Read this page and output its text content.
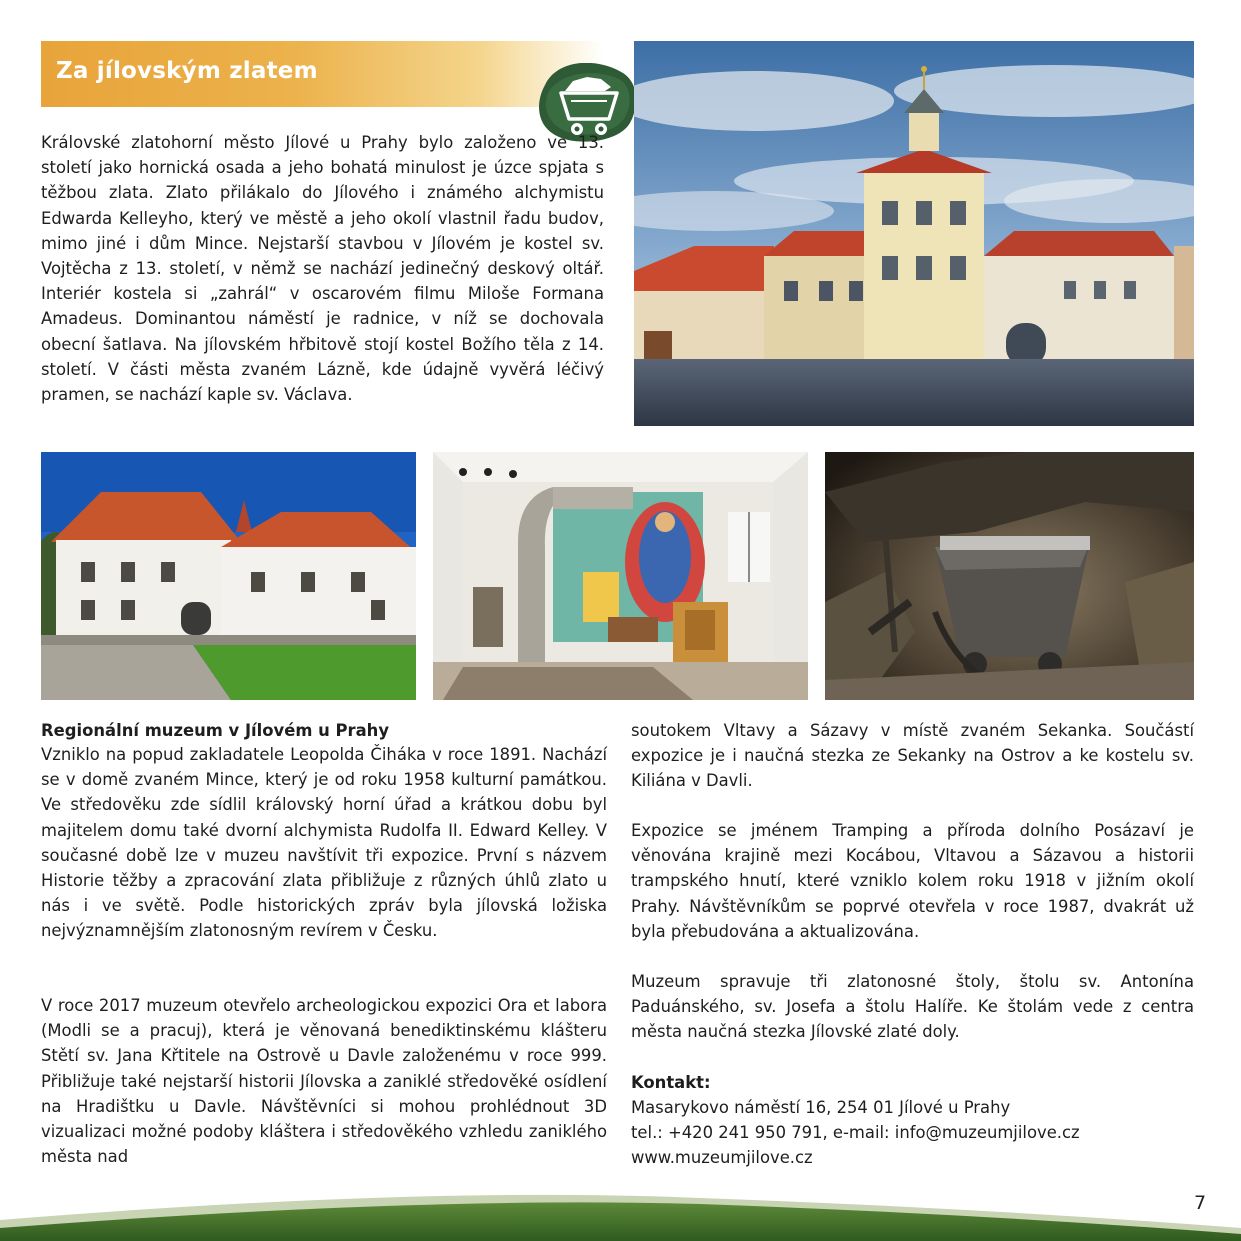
Za jílovským zlatem

Královské zlatohorní město Jílové u Prahy bylo založeno ve 13. století jako hornická osada a jeho bohatá minulost je úzce spjata s těžbou zlata. Zlato přilákalo do Jílového i známého alchymistu Edwarda Kelleyho, který ve městě a jeho okolí vlastnil řadu budov, mimo jiné i dům Mince. Nejstarší stavbou v Jílovém je kostel sv. Vojtěcha z 13. století, v němž se nachází jedinečný deskový oltář. Interiér kostela si „zahrál“ v oscarovém filmu Miloše Formana Amadeus. Dominantou náměstí je radnice, v níž se dochovala obecní šatlava. Na jílovském hřbitově stojí kostel Božího těla z 14. století. V části města zvaném Lázně, kde údajně vyvěrá léčivý pramen, se nachází kaple sv. Václava.

Regionální muzeum v Jílovém u Prahy

Vzniklo na popud zakladatele Leopolda Čiháka v roce 1891. Nachází se v domě zvaném Mince, který je od roku 1958 kulturní památkou. Ve středověku zde sídlil královský horní úřad a krátkou dobu byl majitelem domu také dvorní alchymista Rudolfa II. Edward Kelley. V současné době lze v muzeu navštívit tři expozice. První s názvem Historie těžby a zpracování zlata přibližuje z různých úhlů zlato u nás i ve světě. Podle historických zpráv byla jílovská ložiska nejvýznamnějším zlatonosným revírem v Česku.

V roce 2017 muzeum otevřelo archeologickou expozici Ora et labora (Modli se a pracuj), která je věnovaná benediktinskému klášteru Stětí sv. Jana Křtitele na Ostrově u Davle založenému v roce 999. Přibližuje také nejstarší historii Jílovska a zaniklé středověké osídlení na Hradištku u Davle. Návštěvníci si mohou prohlédnout 3D vizualizaci možné podoby kláštera i středověkého vzhledu zaniklého města nad

soutokem Vltavy a Sázavy v místě zvaném Sekanka. Součástí expozice je i naučná stezka ze Sekanky na Ostrov a ke kostelu sv. Kiliána v Davli.

Expozice se jménem Tramping a příroda dolního Posázaví je věnována krajině mezi Kocábou, Vltavou a Sázavou a historii trampského hnutí, které vzniklo kolem roku 1918 v jižním okolí Prahy. Návštěvníkům se poprvé otevřela v roce 1987, dvakrát už byla přebudována a aktualizována.

Muzeum spravuje tři zlatonosné štoly, štolu sv. Antonína Paduánského, sv. Josefa a štolu Halíře. Ke štolám vede z centra města naučná stezka Jílovské zlaté doly.

Kontakt:

Masarykovo náměstí 16, 254 01 Jílové u Prahy

tel.: +420 241 950 791, e-mail: info@muzeumjilove.cz

www.muzeumjilove.cz

7
